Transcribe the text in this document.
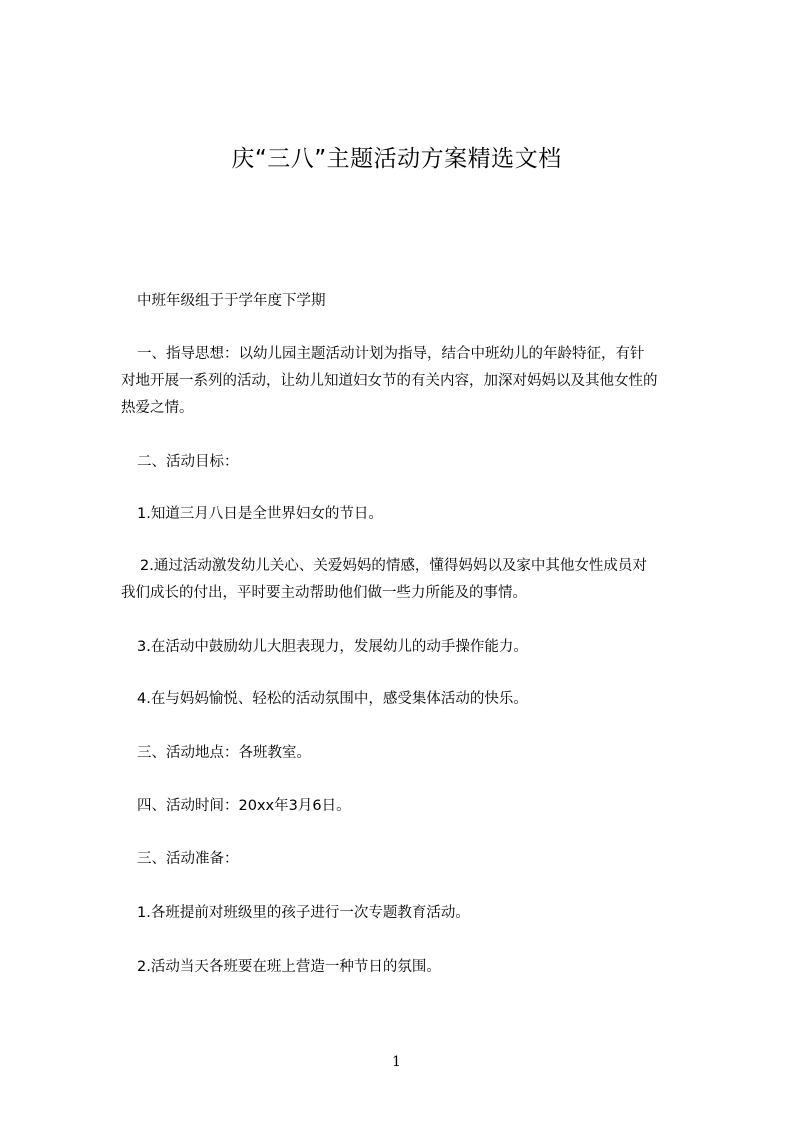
庆“三八”主题活动方案精选文档
中班年级组于于学年度下学期
一、指导思想：以幼儿园主题活动计划为指导，结合中班幼儿的年龄特征，有针
对地开展一系列的活动，让幼儿知道妇女节的有关内容，加深对妈妈以及其他女性的
热爱之情。
二、活动目标：
1.知道三月八日是全世界妇女的节日。
2.通过活动激发幼儿关心、关爱妈妈的情感，懂得妈妈以及家中其他女性成员对
我们成长的付出，平时要主动帮助他们做一些力所能及的事情。
3.在活动中鼓励幼儿大胆表现力，发展幼儿的动手操作能力。
4.在与妈妈愉悦、轻松的活动氛围中，感受集体活动的快乐。
三、活动地点：各班教室。
四、活动时间：20xx年3月6日。
三、活动准备：
1.各班提前对班级里的孩子进行一次专题教育活动。
2.活动当天各班要在班上营造一种节日的氛围。
1
